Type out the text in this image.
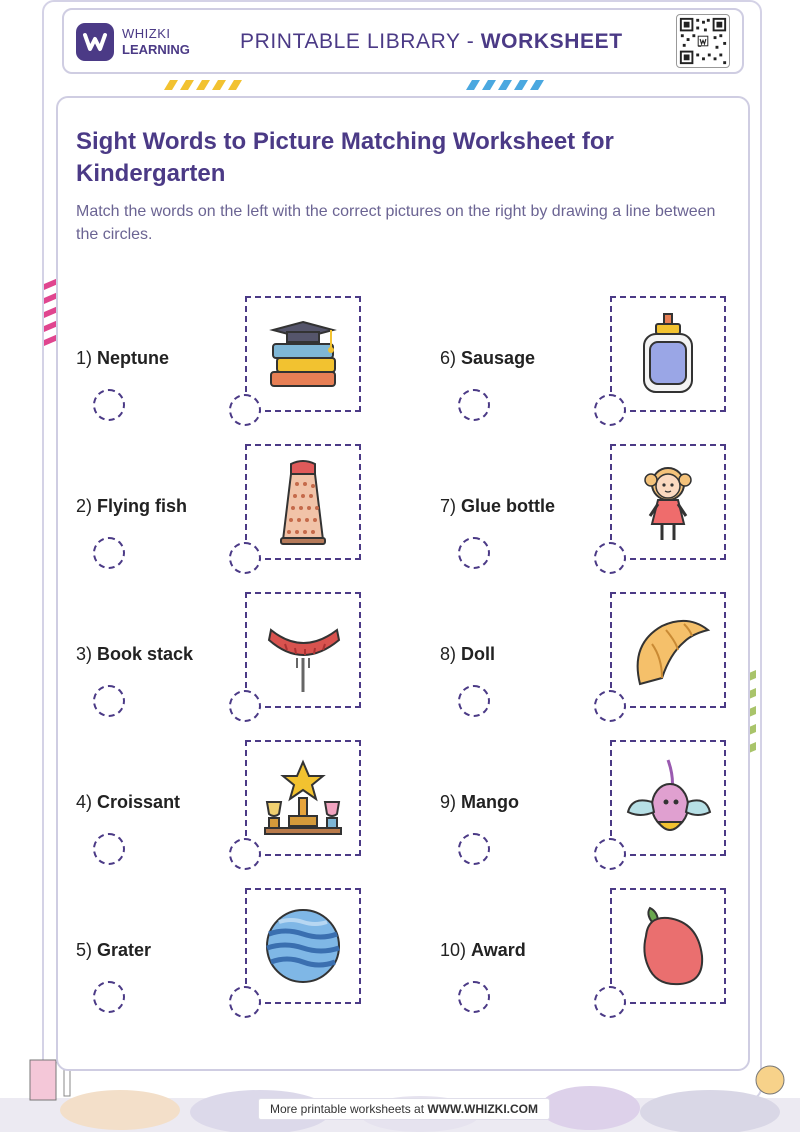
WHIZKI
LEARNING PRINTABLE LIBRARY - WORKSHEET
Sight Words to Picture Matching Worksheet for Kindergarten
Match the words on the left with the correct pictures on the right by drawing a line between the circles.
1) Neptune
2) Flying fish
3) Book stack
4) Croissant
5) Grater
6) Sausage
7) Glue bottle
8) Doll
9) Mango
10) Award
More printable worksheets at WWW.WHIZKI.COM
